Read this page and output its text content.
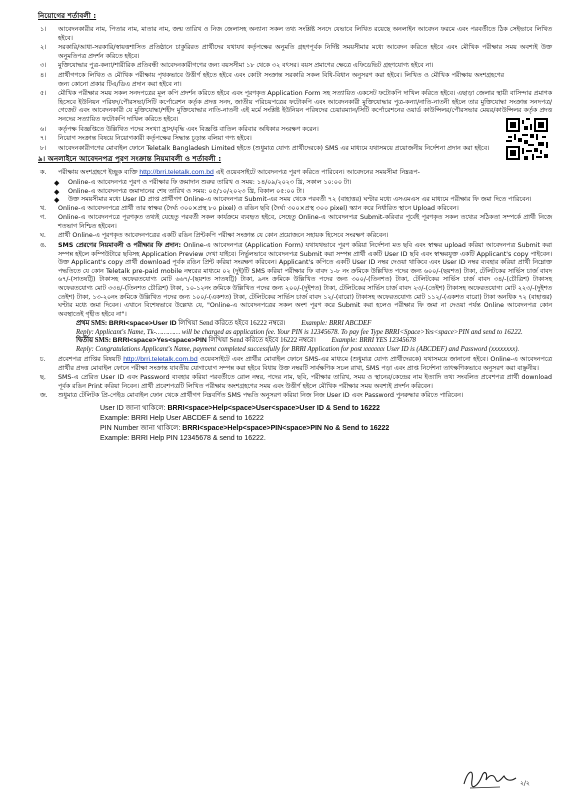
নিয়োগের শর্তাবলী :
১।	আবেদনকারীর নাম, পিতার নাম, মাতার নাম, জন্ম তারিখ ও নিজ জেলাসহ অন্যান্য সকল তথ্য সংশ্লিষ্ট সনদে যেভাবে লিখিত রয়েছে অনলাইন আবেদন ফরমে এবং পরবর্তীতে ঠিক সেইভাবে লিখিত হইবে।
২।	সরকারি/আধা-সরকারি/স্বায়ত্তশাসিত প্রতিষ্ঠানে চাকুরিরত প্রার্থীদের যথাযথ কর্তৃপক্ষের অনুমতি গ্রহণপূর্বক নির্দিষ্ট সময়সীমার মধ্যে আবেদন করিতে হইবে এবং মৌখিক পরীক্ষার সময় অবশ্যই উক্ত অনুমতিপত্র প্রদর্শন করিতে হইবে।
৩।	মুক্তিযোদ্ধার পুত্র-কন্যা/শারীরিক প্রতিবন্ধী আবেদনকারীগণের জন্য বয়সসীমা ১৮ থেকে ৩২ বৎসর। বয়স প্রমাণের ক্ষেত্রে এফিডেভিট গ্রহণযোগ্য হইবে না।
৪।	প্রার্থীগণকে লিখিত ও মৌখিক পরীক্ষায় পৃথকভাবে উত্তীর্ণ হইতে হইবে এবং কোটা সংক্রান্ত সরকারি সকল বিধি-বিধান অনুসরণ করা হইবে। লিখিত ও মৌখিক পরীক্ষায় অংশগ্রহণের জন্য কোনো প্রকার টিএ/ডিএ প্রদান করা হইবে না।
৫।	মৌখিক পরীক্ষার সময় সকল সনদপত্রের মূল কপি প্রদর্শন করিতে হইবে এবং পূরণকৃত Application Form সহ সত্যায়িত একসেট ফটোকপি দাখিল করিতে হইবে। এছাড়া জেলার স্থায়ী বাসিন্দার প্রমাণক হিসেবে ইউনিয়ন পরিষদ/পৌরসভা/সিটি কর্পোরেশন কর্তৃক প্রদত্ত সনদ, জাতীয় পরিচয়পত্রের ফটোকপি এবং আবেদনকারী মুক্তিযোদ্ধার পুত্র-কন্যা/নাতি-নাতনী হইলে তার মুক্তিযোদ্ধা সংক্রান্ত সনদপত্র/গেজেট এবং আবেদনকারী যে মুক্তিযোদ্ধা/শহীদ মুক্তিযোদ্ধার নাতি-নাতনী এই মর্মে সংশ্লিষ্ট ইউনিয়ন পরিষদের চেয়ারম্যান/সিটি কর্পোরেশনের ওয়ার্ড কাউন্সিলর/পৌরসভার মেয়র/কাউন্সিলর কর্তৃক প্রদত্ত সনদের সত্যায়িত ফটোকপি দাখিল করিতে হইবে।
৬।	কর্তৃপক্ষ বিজ্ঞপ্তিতে উল্লিখিত পদের সংখ্যা হ্রাস/বৃদ্ধি এবং বিজ্ঞপ্তি বাতিল করিবার অধিকার সংরক্ষণ করেন।
৭।	নিয়োগ সংক্রান্ত বিষয়ে নিয়োগকারী কর্তৃপক্ষের সিদ্ধান্ত চূড়ান্ত বলিয়া গণ্য হইবে।
৮।	আবেদনকারীগণের মোবাইল ফোনে Teletalk Bangladesh Limited হইতে (শুধুমাত্র যোগ্য প্রার্থীদেরকে) SMS এর মাধ্যমে যথাসময়ে প্রয়োজনীয় নির্দেশনা প্রদান করা হইবে।
৯। অনলাইনে আবেদনপত্র পূরণ সংক্রান্ত নিয়মাবলী ও শর্তাবলী :
ক.	পরীক্ষায় অংশগ্রহণে ইচ্ছুক ব্যক্তি http://brri.teletalk.com.bd এই ওয়েবসাইটে আবেদনপত্র পূরণ করিতে পারিবেন। আবেদনের সময়সীমা নিম্নরূপ-
◆	Online-এ আবেদনপত্র পূরণ ও পরীক্ষার ফি জমাদান শুরুর তারিখ ও সময়: ১৪/০৯/২০২৩ খ্রি, সকাল ১০:০০ টা।
◆	Online-এ আবেদনপত্র জমাদানের শেষ তারিখ ও সময়: ০৫/১০/২০২৩ খ্রি, বিকাল ০৫:০০ টা।
◆	উক্ত সময়সীমার মধ্যে User ID প্রাপ্ত প্রার্থীগণ Online-এ আবেদনপত্র Submit-এর সময় থেকে পরবর্তী ৭২ (বাহাত্তর) ঘণ্টার মধ্যে এসএমএস এর মাধ্যমে পরীক্ষার ফি জমা দিতে পারিবেন।
খ.	Online-এ আবেদনপত্রে প্রার্থী তার স্বাক্ষর (দৈর্ঘ্য ৩০০×প্রস্থ ৮০ pixel) ও রঙিন ছবি (দৈর্ঘ্য ৩০০×প্রস্থ ৩০০ pixel) স্ক্যান করে নির্ধারিত স্থানে Upload করিবেন।
গ.	Online-এ আবেদনপত্রে পূরণকৃত তথ্যই যেহেতু পরবর্তী সকল কার্যক্রমে ব্যবহৃত হইবে, সেহেতু Online-এ আবেদনপত্র Submit-করিবার পূর্বেই পূরণকৃত সকল তথ্যের সঠিকতা সম্পর্কে প্রার্থী নিজে শতভাগ নিশ্চিত হইবেন।
ঘ.	প্রার্থী Online-এ পূরণকৃত আবেদনপত্রের একটি রঙিন প্রিন্টকপি পরীক্ষা সংক্রান্ত যে কোন প্রয়োজনে সহায়ক হিসেবে সংরক্ষণ করিবেন।
ঙ.	SMS প্রেরণের নিয়মাবলী ও পরীক্ষার ফি প্রদান: Online-এ আবেদনপত্র (Application Form) যথাযথভাবে পূরণ করিয়া নির্দেশনা মত ছবি এবং স্বাক্ষর upload করিয়া আবেদনপত্র Submit করা সম্পন্ন হইলে কম্পিউটারে ছবিসহ Application Preview দেখা যাইবে। নির্ভুলভাবে আবেদনপত্র Submit করা সম্পন্ন প্রার্থী একটি User ID ছবি এবং স্বাক্ষরযুক্ত একটি Applicant's copy পাইবেন। উক্ত Applicant's copy প্রার্থী download পূর্বক রঙিন প্রিন্ট করিয়া সংরক্ষণ করিবেন। Applicant's কপিতে একটি User ID নম্বর দেওয়া থাকিবে এবং User ID নম্বর ব্যবহার করিয়া প্রার্থী নিম্নোক্ত পদ্ধতিতে যে কোন Teletalk pre-paid mobile নম্বরের মাধ্যমে ০২ (দুই)টি SMS করিয়া পরীক্ষার ফি বাবদ ১-৮ নং ক্রমিকে উল্লিখিত পদের জন্য ৬০০/-(ছয়শত) টাকা, টেলিটকের সার্ভিস চার্জ বাবদ ৬৭/-(সাতষট্টি) টাকাসহ অফেরতযোগ্য মোট ৬৬৭/-(ছয়শত সাতষট্টি) টাকা, ৯নং ক্রমিকে উল্লিখিত পদের জন্য ৩০০/-(তিনশত) টাকা, টেলিটকের সার্ভিস চার্জ বাবদ ৩৪/-(চৌত্রিশ) টাকাসহ অফেরতযোগ্য মোট ৩৩৪/-(তিনশত চৌত্রিশ) টাকা, ১০-১২নং ক্রমিকে উল্লিখিত পদের জন্য ২০০/-(দুইশত) টাকা, টেলিটকের সার্ভিস চার্জ বাবদ ২৩/-(তেইশ) টাকাসহ অফেরতযোগ্য মোট ২২৩/-(দুইশত তেইশ) টাকা, ১৩-২০নং ক্রমিকে উল্লিখিত পদের জন্য ১০০/-(একশত) টাকা, টেলিটকের সার্ভিস চার্জ বাবদ ১২/-(বারো) টাকাসহ অফেরতযোগ্য মোট ১১২/-(একশত বারো) টাকা অনধিক ৭২ (বাহাত্তর) ঘণ্টার মধ্যে জমা দিবেন। এখানে বিশেষভাবে উল্লেখ্য যে, "Online-এ আবেদনপত্রের সকল অংশ পূরণ করে Submit করা হলেও পরীক্ষার ফি জমা না দেওয়া পর্যন্ত Online আবেদনপত্র কোন অবস্থাতেই গৃহীত হইবে না"।
প্রথম SMS: BRRI<space>User ID লিখিয়া Send করিতে হইবে 16222 নম্বরে। Example: BRRI ABCDEF
Reply: Applicant's Name, Tk-………… will be charged as application fee. Your PIN is 12345678. To pay fee Type BRRI<Space>Yes<space>PIN and send to 16222.
দ্বিতীয় SMS: BRRI<space>Yes<space>PIN লিখিয়া Send করিতে হইবে 16222 নম্বরে। Example: BRRI YES 12345678
Reply: Congratulations Applicant's Name, payment completed successfully for BRRI Application for post xxxxxxx User ID is (ABCDEF) and Password (xxxxxxxx).
চ.	প্রবেশপত্র প্রাপ্তির বিষয়টি http://brri.teletalk.com.bd ওয়েবসাইটে এবং প্রার্থীর মোবাইল ফোনে SMS-এর মাধ্যমে (শুধুমাত্র যোগ্য প্রার্থীদেরকে) যথাসময়ে জানানো হইবে। Online-এ আবেদনপত্রে প্রার্থীর প্রদত্ত মোবাইল ফোনে পরীক্ষা সংক্রান্ত যাবতীয় যোগাযোগ সম্পন্ন করা হইবে বিধায় উক্ত নম্বরটি সার্বক্ষণিক সচল রাখা, SMS পড়া এবং প্রাপ্ত নির্দেশনা তাৎক্ষণিকভাবে অনুসরণ করা বাঞ্ছনীয়।
ছ.	SMS-এ প্রেরিত User ID এবং Password ব্যবহার করিয়া পরবর্তীতে রোল নম্বর, পদের নাম, ছবি, পরীক্ষার তারিখ, সময় ও স্থানের/কেন্দ্রের নাম ইত্যাদি তথ্য সংবলিত প্রবেশপত্র প্রার্থী download পূর্বক রঙিন Print করিয়া নিবেন। প্রার্থী প্রবেশপত্রটি লিখিত পরীক্ষায় অংশগ্রহণের সময় এবং উত্তীর্ণ হইলে মৌখিক পরীক্ষার সময় অবশ্যই প্রদর্শন করিবেন।
জ.	শুধুমাত্র টেলিটক প্রি-পেইড মোবাইল ফোন থেকে প্রার্থীগণ নিম্নবর্ণিত SMS পদ্ধতি অনুসরণ করিয়া নিজ নিজ User ID এবং Password পুনরুদ্ধার করিতে পারিবেন।
User ID জানা থাকিলে: BRRI<space>Help<space>User<space>User ID & Send to 16222
Example: BRRI Help User ABCDEF & send to 16222
PIN Number জানা থাকিলে: BRRI<space>Help<space>PIN<space>PIN No & Send to 16222
Example: BRRI Help PIN 12345678 & send to 16222.
২/২
